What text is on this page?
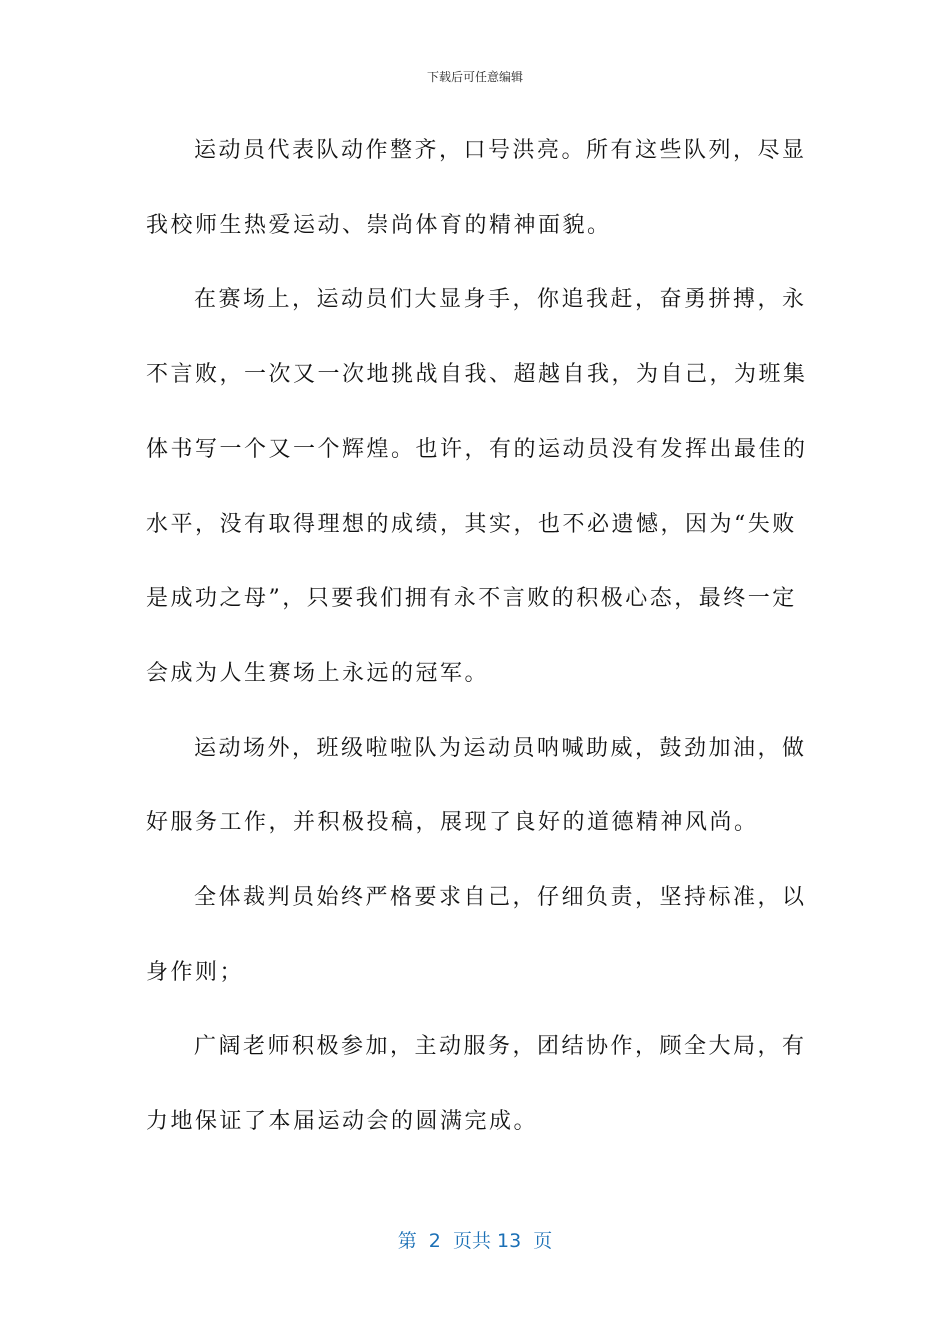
下载后可任意编辑

运动员代表队动作整齐，口号洪亮。所有这些队列，尽显
我校师生热爱运动、崇尚体育的精神面貌。

在赛场上，运动员们大显身手，你追我赶，奋勇拼搏，永
不言败，一次又一次地挑战自我、超越自我，为自己，为班集
体书写一个又一个辉煌。也许，有的运动员没有发挥出最佳的
水平，没有取得理想的成绩，其实，也不必遗憾，因为“失败
是成功之母”，只要我们拥有永不言败的积极心态，最终一定
会成为人生赛场上永远的冠军。

运动场外，班级啦啦队为运动员呐喊助威，鼓劲加油，做
好服务工作，并积极投稿，展现了良好的道德精神风尚。

全体裁判员始终严格要求自己，仔细负责，坚持标准，以
身作则；

广阔老师积极参加，主动服务，团结协作，顾全大局，有
力地保证了本届运动会的圆满完成。

第  2  页共 13  页
